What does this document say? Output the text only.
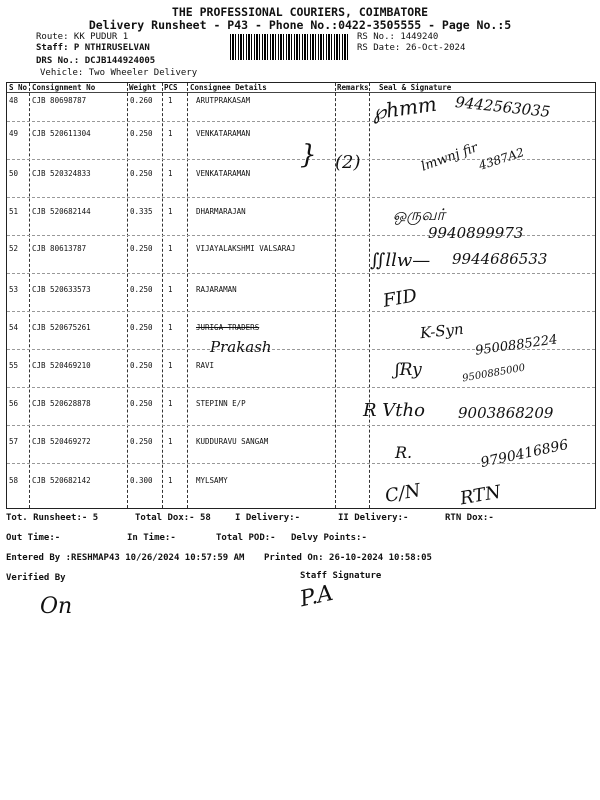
THE PROFESSIONAL COURIERS, COIMBATORE
Delivery Runsheet - P43 - Phone No.:0422-3505555 - Page No.:5
Route: KK PUDUR 1
Staff: P NTHIRUSELVAN
DRS No.: DCJB144924005
Vehicle: Two Wheeler Delivery
RS No.: 1449240
RS Date: 26-Oct-2024
S No Consignment No	Weight PCS Consignee Details	Remarks Seal & Signature
48 CJB 80698787	0.260 1	ARUTPRAKASAM
49 CJB 520611304	0.250 1	VENKATARAMAN
50 CJB 520324833	0.250 1	VENKATARAMAN
51 CJB 520682144	0.335 1	DHARMARAJAN
52 CJB 80613787	0.250 1	VIJAYALAKSHMI VALSARAJ
53 CJB 520633573	0.250 1	RAJARAMAN
54 CJB 520675261	0.250 1	JURIGA TRADERS
55 CJB 520469210	0.250 1	RAVI
56 CJB 520628878	0.250 1	STEPINN E/P
57 CJB 520469272	0.250 1	KUDDURAVU SANGAM
58 CJB 520682142	0.300 1	MYLSAMY
℘hmm 9442563035
} (2)	lmwnj fir
4387A2
ஒருவர்
9940899973
∬llw— 9944686533
FID
Prakash
K-Syn
9500885224
ʃRy	9500885000
R Vtho 9003868209
R.	9790416896
C/N RTN
Tot. Runsheet:- 5	Total Dox:- 58	I Delivery:-	II Delivery:-	RTN Dox:-
Out Time:-	In Time:-	Total POD:- Delvy Points:-
Entered By :RESHMAP43 10/26/2024 10:57:59 AM Printed On: 26-10-2024 10:58:05
Verified By	Staff Signature
P.A
On
